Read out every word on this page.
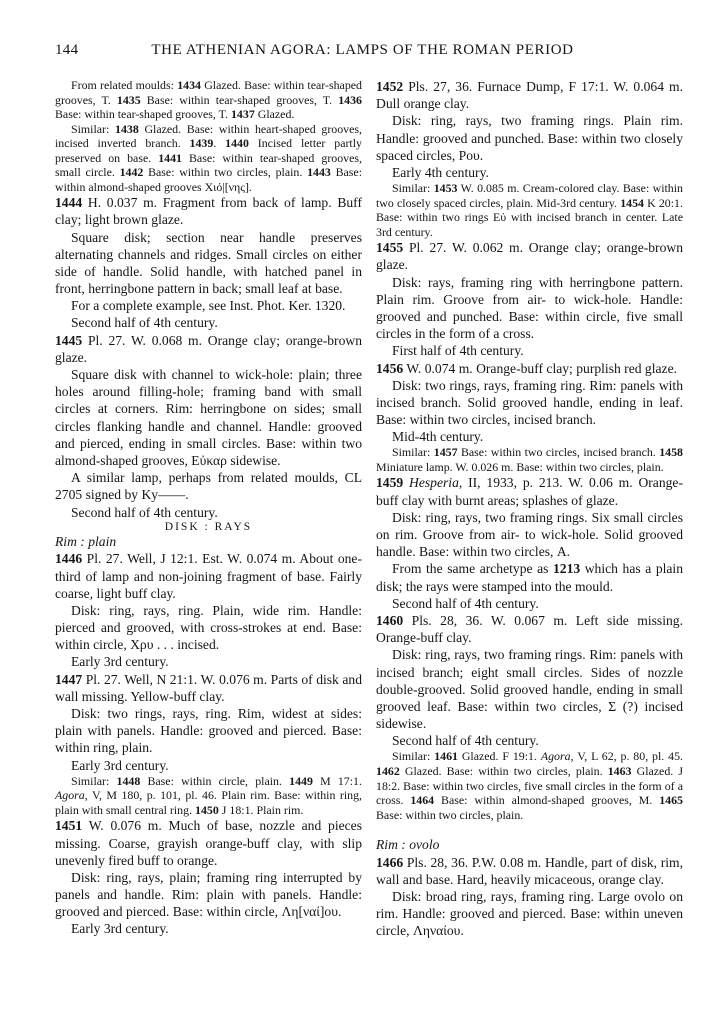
144	THE ATHENIAN AGORA: LAMPS OF THE ROMAN PERIOD

From related moulds: 1434 Glazed. Base: within tear-shaped grooves, T. 1435 Base: within tear-shaped grooves, T. 1436 Base: within tear-shaped grooves, T. 1437 Glazed.

Similar: 1438 Glazed. Base: within heart-shaped grooves, incised inverted branch. 1439. 1440 Incised letter partly preserved on base. 1441 Base: within tear-shaped grooves, small circle. 1442 Base: within two circles, plain. 1443 Base: within almond-shaped grooves Χιό|[νης].

1444 H. 0.037 m. Fragment from back of lamp. Buff clay; light brown glaze.

Square disk; section near handle preserves alternating channels and ridges. Small circles on either side of handle. Solid handle, with hatched panel in front, herringbone pattern in back; small leaf at base.

For a complete example, see Inst. Phot. Ker. 1320.

Second half of 4th century.

1445 Pl. 27. W. 0.068 m. Orange clay; orange-brown glaze.

Square disk with channel to wick-hole: plain; three holes around filling-hole; framing band with small circles at corners. Rim: herringbone on sides; small circles flanking handle and channel. Handle: grooved and pierced, ending in small circles. Base: within two almond-shaped grooves, Εὐκαρ sidewise.

A similar lamp, perhaps from related moulds, CL 2705 signed by Ky——.

Second half of 4th century.

DISK : RAYS

Rim : plain

1446 Pl. 27. Well, J 12:1. Est. W. 0.074 m. About one-third of lamp and non-joining fragment of base. Fairly coarse, light buff clay.

Disk: ring, rays, ring. Plain, wide rim. Handle: pierced and grooved, with cross-strokes at end. Base: within circle, Χρυ . . . incised.

Early 3rd century.

1447 Pl. 27. Well, N 21:1. W. 0.076 m. Parts of disk and wall missing. Yellow-buff clay.

Disk: two rings, rays, ring. Rim, widest at sides: plain with panels. Handle: grooved and pierced. Base: within ring, plain.

Early 3rd century.

Similar: 1448 Base: within circle, plain. 1449 M 17:1. Agora, V, M 180, p. 101, pl. 46. Plain rim. Base: within ring, plain with small central ring. 1450 J 18:1. Plain rim.

1451 W. 0.076 m. Much of base, nozzle and pieces missing. Coarse, grayish orange-buff clay, with slip unevenly fired buff to orange.

Disk: ring, rays, plain; framing ring interrupted by panels and handle. Rim: plain with panels. Handle: grooved and pierced. Base: within circle, Λη[ναί]ου.

Early 3rd century.

1452 Pls. 27, 36. Furnace Dump, F 17:1. W. 0.064 m. Dull orange clay.

Disk: ring, rays, two framing rings. Plain rim. Handle: grooved and punched. Base: within two closely spaced circles, Ρου.

Early 4th century.

Similar: 1453 W. 0.085 m. Cream-colored clay. Base: within two closely spaced circles, plain. Mid-3rd century. 1454 K 20:1. Base: within two rings Εὐ with incised branch in center. Late 3rd century.

1455 Pl. 27. W. 0.062 m. Orange clay; orange-brown glaze.

Disk: rays, framing ring with herringbone pattern. Plain rim. Groove from air- to wick-hole. Handle: grooved and punched. Base: within circle, five small circles in the form of a cross.

First half of 4th century.

1456 W. 0.074 m. Orange-buff clay; purplish red glaze.

Disk: two rings, rays, framing ring. Rim: panels with incised branch. Solid grooved handle, ending in leaf. Base: within two circles, incised branch.

Mid-4th century.

Similar: 1457 Base: within two circles, incised branch. 1458 Miniature lamp. W. 0.026 m. Base: within two circles, plain.

1459 Hesperia, II, 1933, p. 213. W. 0.06 m. Orange-buff clay with burnt areas; splashes of glaze.

Disk: ring, rays, two framing rings. Six small circles on rim. Groove from air- to wick-hole. Solid grooved handle. Base: within two circles, Α.

From the same archetype as 1213 which has a plain disk; the rays were stamped into the mould.

Second half of 4th century.

1460 Pls. 28, 36. W. 0.067 m. Left side missing. Orange-buff clay.

Disk: ring, rays, two framing rings. Rim: panels with incised branch; eight small circles. Sides of nozzle double-grooved. Solid grooved handle, ending in small grooved leaf. Base: within two circles, Σ (?) incised sidewise.

Second half of 4th century.

Similar: 1461 Glazed. F 19:1. Agora, V, L 62, p. 80, pl. 45. 1462 Glazed. Base: within two circles, plain. 1463 Glazed. J 18:2. Base: within two circles, five small circles in the form of a cross. 1464 Base: within almond-shaped grooves, M. 1465 Base: within two circles, plain.

Rim : ovolo

1466 Pls. 28, 36. P.W. 0.08 m. Handle, part of disk, rim, wall and base. Hard, heavily micaceous, orange clay.

Disk: broad ring, rays, framing ring. Large ovolo on rim. Handle: grooved and pierced. Base: within uneven circle, Ληναίου.
